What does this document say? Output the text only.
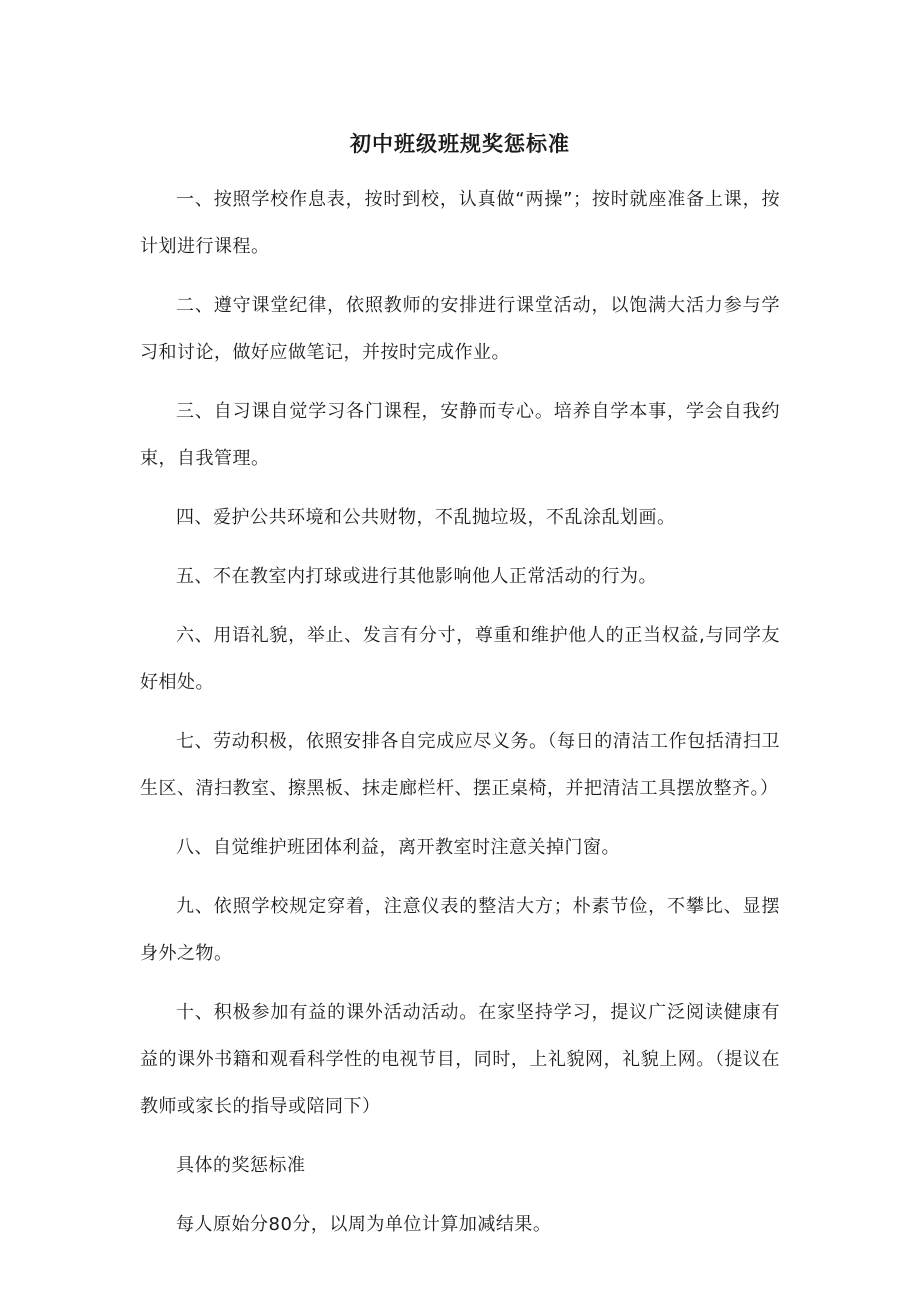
初中班级班规奖惩标准

一、按照学校作息表，按时到校，认真做“两操”；按时就座准备上课，按计划进行课程。

二、遵守课堂纪律，依照教师的安排进行课堂活动，以饱满大活力参与学习和讨论，做好应做笔记，并按时完成作业。

三、自习课自觉学习各门课程，安静而专心。培养自学本事，学会自我约束，自我管理。

四、爱护公共环境和公共财物，不乱抛垃圾，不乱涂乱划画。

五、不在教室内打球或进行其他影响他人正常活动的行为。

六、用语礼貌，举止、发言有分寸，尊重和维护他人的正当权益,与同学友好相处。

七、劳动积极，依照安排各自完成应尽义务。（每日的清洁工作包括清扫卫生区、清扫教室、擦黑板、抹走廊栏杆、摆正桌椅，并把清洁工具摆放整齐。）

八、自觉维护班团体利益，离开教室时注意关掉门窗。

九、依照学校规定穿着，注意仪表的整洁大方；朴素节俭，不攀比、显摆身外之物。

十、积极参加有益的课外活动活动。在家坚持学习，提议广泛阅读健康有益的课外书籍和观看科学性的电视节目，同时，上礼貌网，礼貌上网。（提议在教师或家长的指导或陪同下）

具体的奖惩标准

每人原始分80分，以周为单位计算加减结果。
